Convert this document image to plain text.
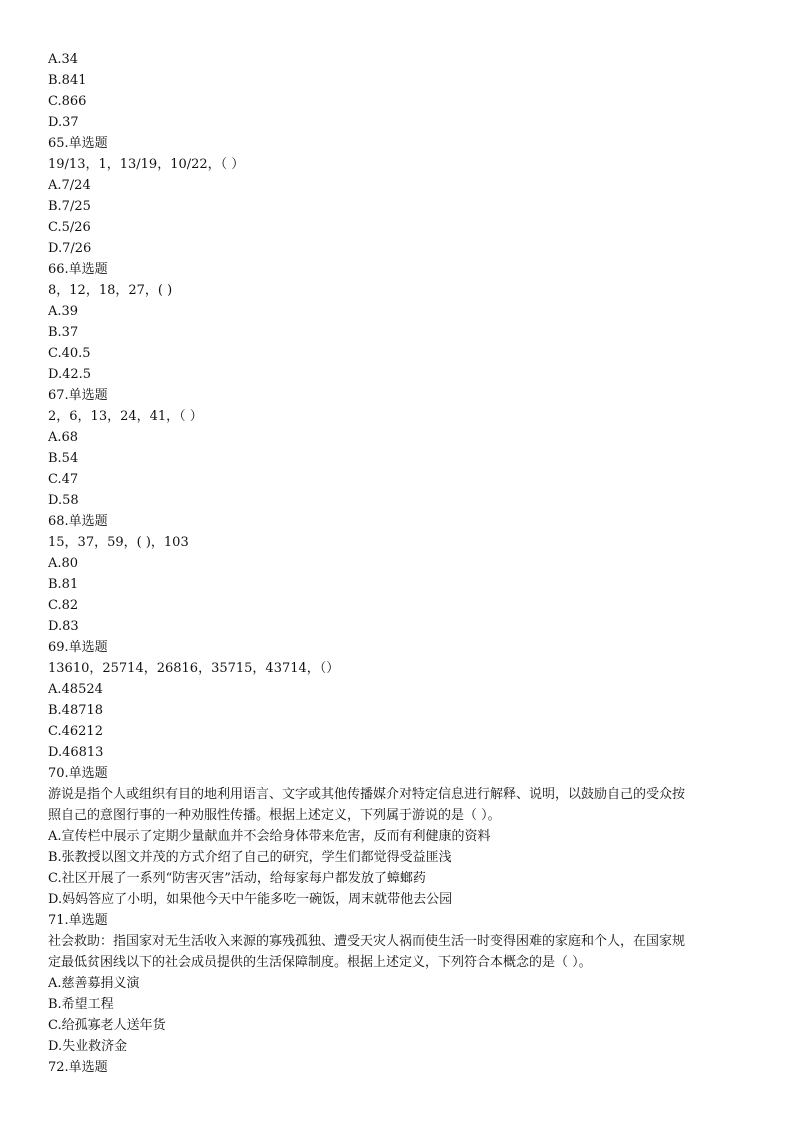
A.34
B.841
C.866
D.37
65.单选题
19/13，1，13/19，10/22，（ ）
A.7/24
B.7/25
C.5/26
D.7/26
66.单选题
8，12，18，27，( )
A.39
B.37
C.40.5
D.42.5
67.单选题
2，6，13，24，41，（ ）
A.68
B.54
C.47
D.58
68.单选题
15，37，59，( )，103
A.80
B.81
C.82
D.83
69.单选题
13610，25714，26816，35715，43714，（）
A.48524
B.48718
C.46212
D.46813
70.单选题
游说是指个人或组织有目的地利用语言、文字或其他传播媒介对特定信息进行解释、说明，以鼓励自己的受众按
照自己的意图行事的一种劝服性传播。根据上述定义，下列属于游说的是（ ）。
A.宣传栏中展示了定期少量献血并不会给身体带来危害，反而有利健康的资料
B.张教授以图文并茂的方式介绍了自己的研究，学生们都觉得受益匪浅
C.社区开展了一系列“防害灭害”活动，给每家每户都发放了蟑螂药
D.妈妈答应了小明，如果他今天中午能多吃一碗饭，周末就带他去公园
71.单选题
社会救助：指国家对无生活收入来源的寡残孤独、遭受天灾人祸而使生活一时变得困难的家庭和个人，在国家规
定最低贫困线以下的社会成员提供的生活保障制度。根据上述定义，下列符合本概念的是（ ）。
A.慈善募捐义演
B.希望工程
C.给孤寡老人送年货
D.失业救济金
72.单选题
